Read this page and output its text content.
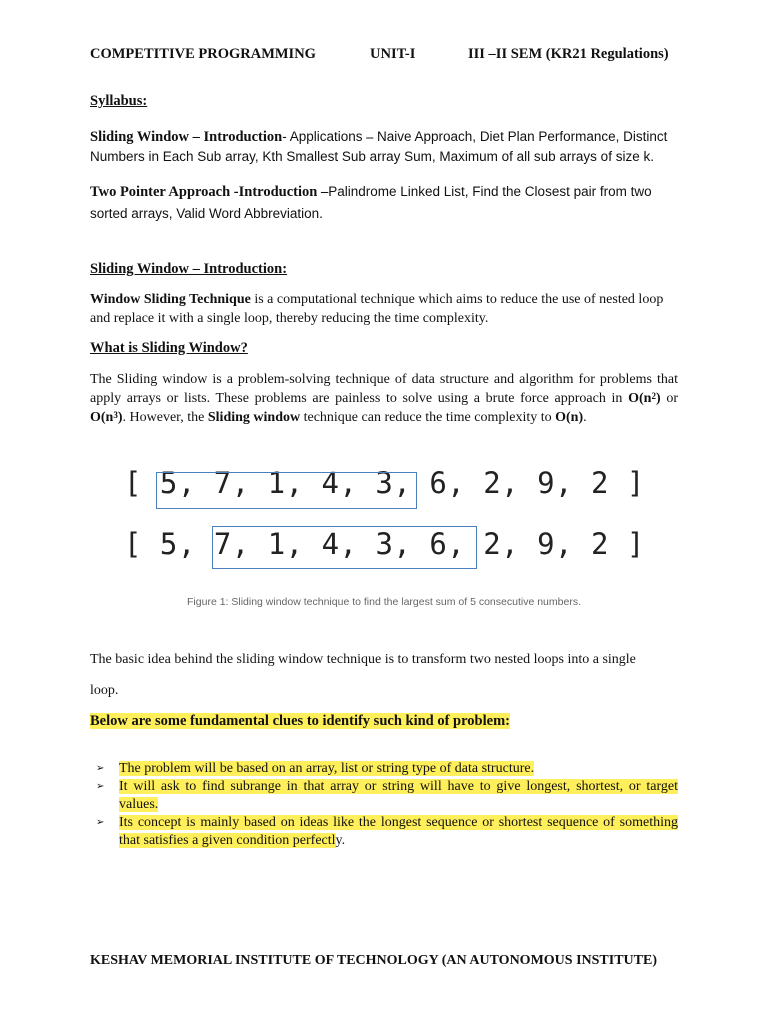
COMPETITIVE PROGRAMMING	UNIT-I	III –II SEM (KR21 Regulations)
Syllabus:
Sliding Window – Introduction- Applications – Naive Approach, Diet Plan Performance, Distinct Numbers in Each Sub array, Kth Smallest Sub array Sum, Maximum of all sub arrays of size k.
Two Pointer Approach -Introduction –Palindrome Linked List, Find the Closest pair from two sorted arrays, Valid Word Abbreviation.
Sliding Window – Introduction:
Window Sliding Technique is a computational technique which aims to reduce the use of nested loop and replace it with a single loop, thereby reducing the time complexity.
What is Sliding Window?
The Sliding window is a problem-solving technique of data structure and algorithm for problems that apply arrays or lists. These problems are painless to solve using a brute force approach in $O(n^2)$ or $O(n^3)$. However, the Sliding window technique can reduce the time complexity to O(n).
[ 5, 7, 1, 4, 3, 6, 2, 9, 2 ]
[ 5, 7, 1, 4, 3, 6, 2, 9, 2 ]
Figure 1: Sliding window technique to find the largest sum of 5 consecutive numbers.
The basic idea behind the sliding window technique is to transform two nested loops into a single
loop.
Below are some fundamental clues to identify such kind of problem:
➢	The problem will be based on an array, list or string type of data structure.
➢	It will ask to find subrange in that array or string will have to give longest, shortest, or target values.
➢	Its concept is mainly based on ideas like the longest sequence or shortest sequence of something that satisfies a given condition perfectly.
KESHAV MEMORIAL INSTITUTE OF TECHNOLOGY (AN AUTONOMOUS INSTITUTE)
